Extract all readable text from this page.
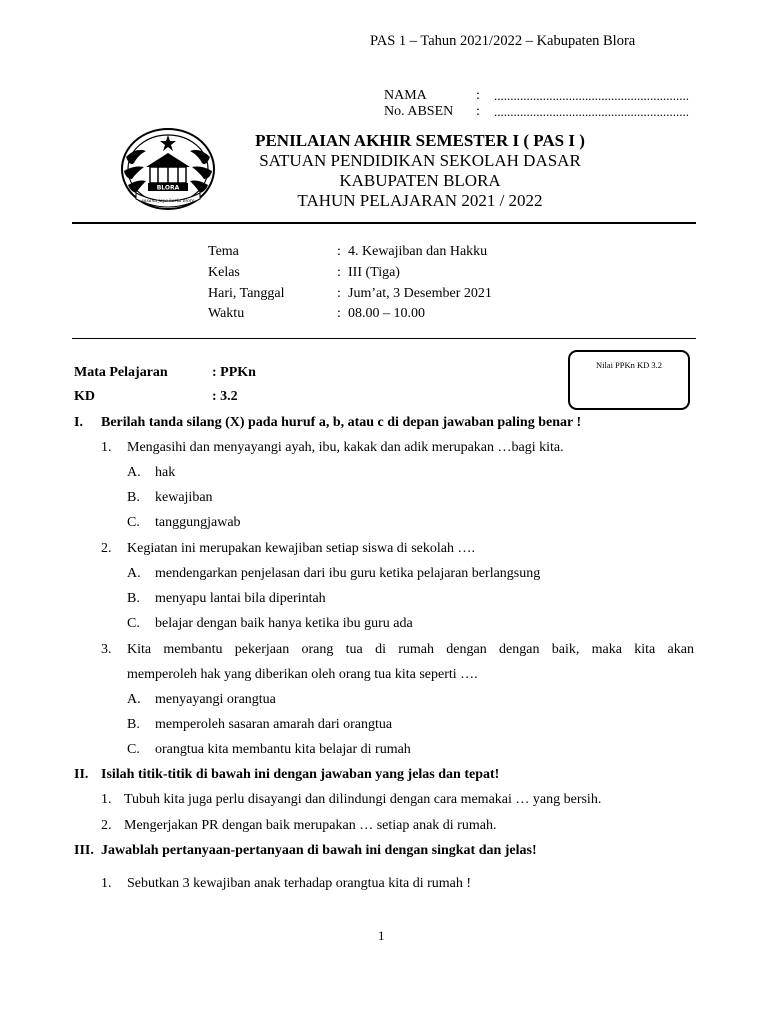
PAS 1 – Tahun 2021/2022 – Kabupaten Blora
NAMA	: ............................................................
No. ABSEN : ............................................................
BLORA
sasana jaya karta blora
PENILAIAN AKHIR SEMESTER I ( PAS I )
SATUAN PENDIDIKAN SEKOLAH DASAR
KABUPATEN BLORA
TAHUN PELAJARAN 2021 / 2022
Tema	: 4. Kewajiban dan Hakku
Kelas	: III (Tiga)
Hari, Tanggal	: Jum’at, 3 Desember 2021
Waktu	: 08.00 – 10.00
Mata Pelajaran	: PPKn
KD	: 3.2
Nilai PPKn KD 3.2
I. Berilah tanda silang (X) pada huruf a, b, atau c di depan jawaban paling benar !
1. Mengasihi dan menyayangi ayah, ibu, kakak dan adik merupakan …bagi kita.
A. hak
B. kewajiban
C. tanggungjawab
2. Kegiatan ini merupakan kewajiban setiap siswa di sekolah ….
A. mendengarkan penjelasan dari ibu guru ketika pelajaran berlangsung
B. menyapu lantai bila diperintah
C. belajar dengan baik hanya ketika ibu guru ada
3. Kita membantu pekerjaan orang tua di rumah dengan dengan baik, maka kita akan
memperoleh hak yang diberikan oleh orang tua kita seperti ….
A. menyayangi orangtua
B. memperoleh sasaran amarah dari orangtua
C. orangtua kita membantu kita belajar di rumah
II. Isilah titik-titik di bawah ini dengan jawaban yang jelas dan tepat!
1. Tubuh kita juga perlu disayangi dan dilindungi dengan cara memakai … yang bersih.
2. Mengerjakan PR dengan baik merupakan … setiap anak di rumah.
III. Jawablah pertanyaan-pertanyaan di bawah ini dengan singkat dan jelas!
1. Sebutkan 3 kewajiban anak terhadap orangtua kita di rumah !
1
